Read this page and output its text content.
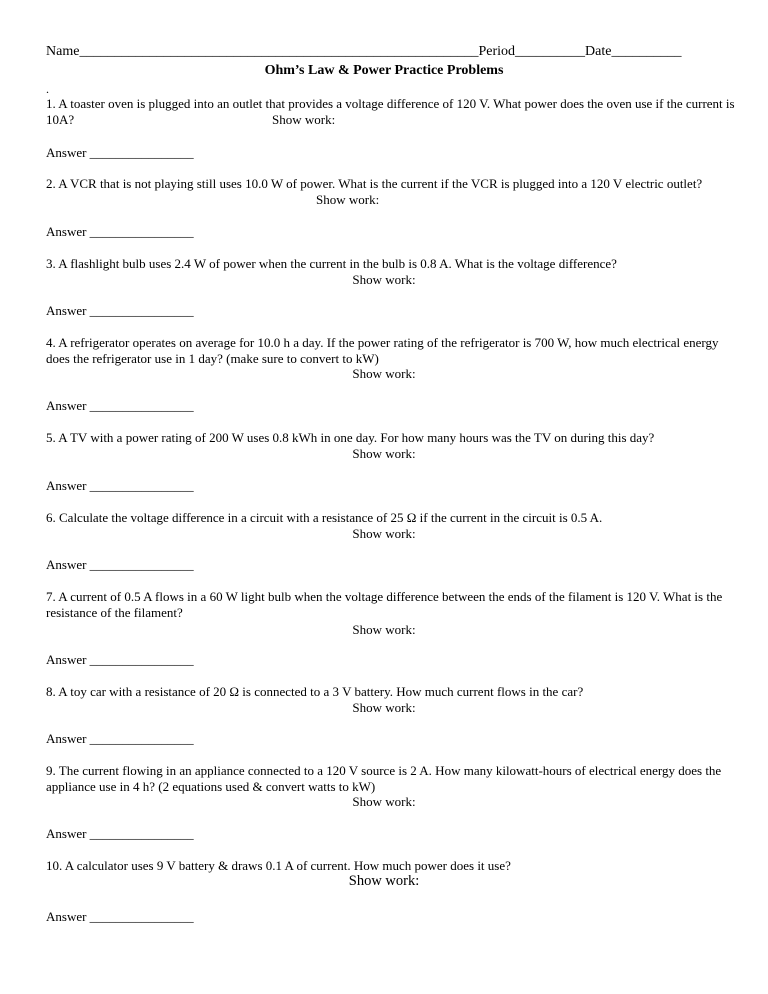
Name_________________________________________________________Period__________Date__________
Ohm’s Law & Power Practice Problems
.
1. A toaster oven is plugged into an outlet that provides a voltage difference of 120 V. What power does the oven use if the current is 10A?	Show work:
Answer ________________
2. A VCR that is not playing still uses 10.0 W of power. What is the current if the VCR is plugged into a 120 V electric outlet?
Show work:
Answer ________________
3. A flashlight bulb uses 2.4 W of power when the current in the bulb is 0.8 A. What is the voltage difference?
Show work:
Answer ________________
4. A refrigerator operates on average for 10.0 h a day. If the power rating of the refrigerator is 700 W, how much electrical energy does the refrigerator use in 1 day? (make sure to convert to kW)
Show work:
Answer ________________
5. A TV with a power rating of 200 W uses 0.8 kWh in one day. For how many hours was the TV on during this day?
Show work:
Answer ________________
6. Calculate the voltage difference in a circuit with a resistance of 25 Ω if the current in the circuit is 0.5 A.
Show work:
Answer ________________
7. A current of 0.5 A flows in a 60 W light bulb when the voltage difference between the ends of the filament is 120 V. What is the resistance of the filament?
Show work:
Answer ________________
8. A toy car with a resistance of 20 Ω is connected to a 3 V battery. How much current flows in the car?
Show work:
Answer ________________
9. The current flowing in an appliance connected to a 120 V source is 2 A. How many kilowatt-hours of electrical energy does the appliance use in 4 h? (2 equations used & convert watts to kW)
Show work:
Answer ________________
10. A calculator uses 9 V battery & draws 0.1 A of current. How much power does it use?
Show work:
Answer ________________
